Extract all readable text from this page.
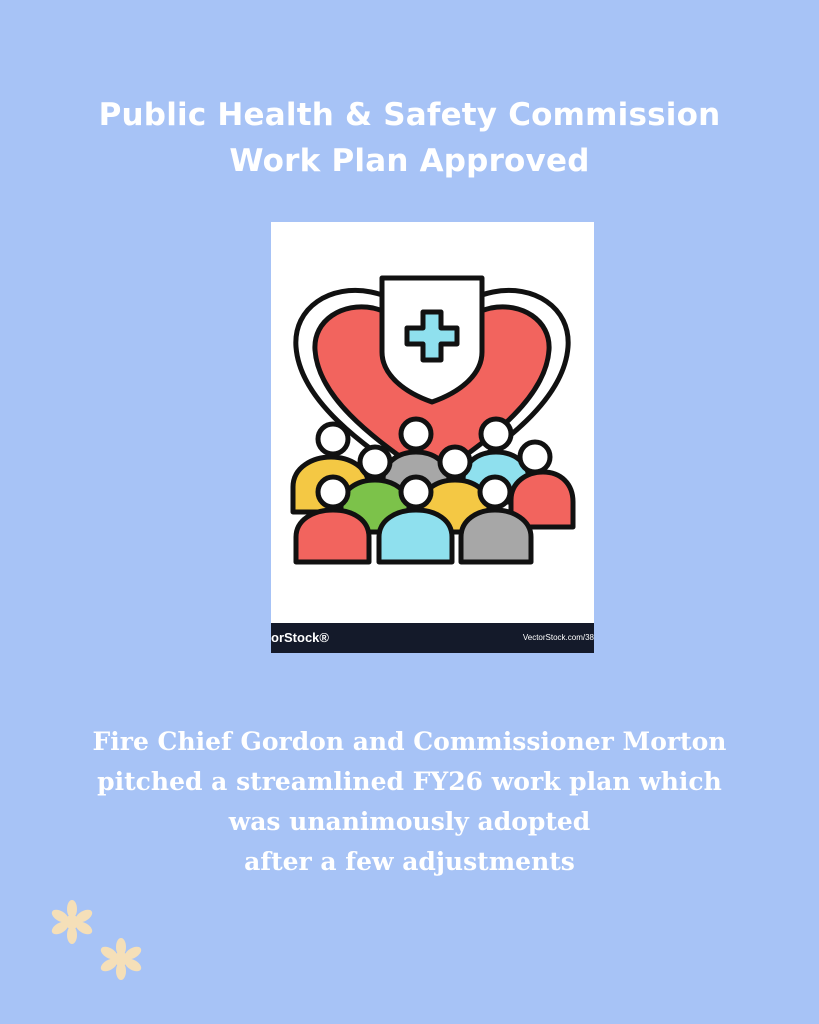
Public Health & Safety Commission
Work Plan Approved
orStock®	VectorStock.com/38
Fire Chief Gordon and Commissioner Morton
pitched a streamlined FY26 work plan which
was unanimously adopted
after a few adjustments
